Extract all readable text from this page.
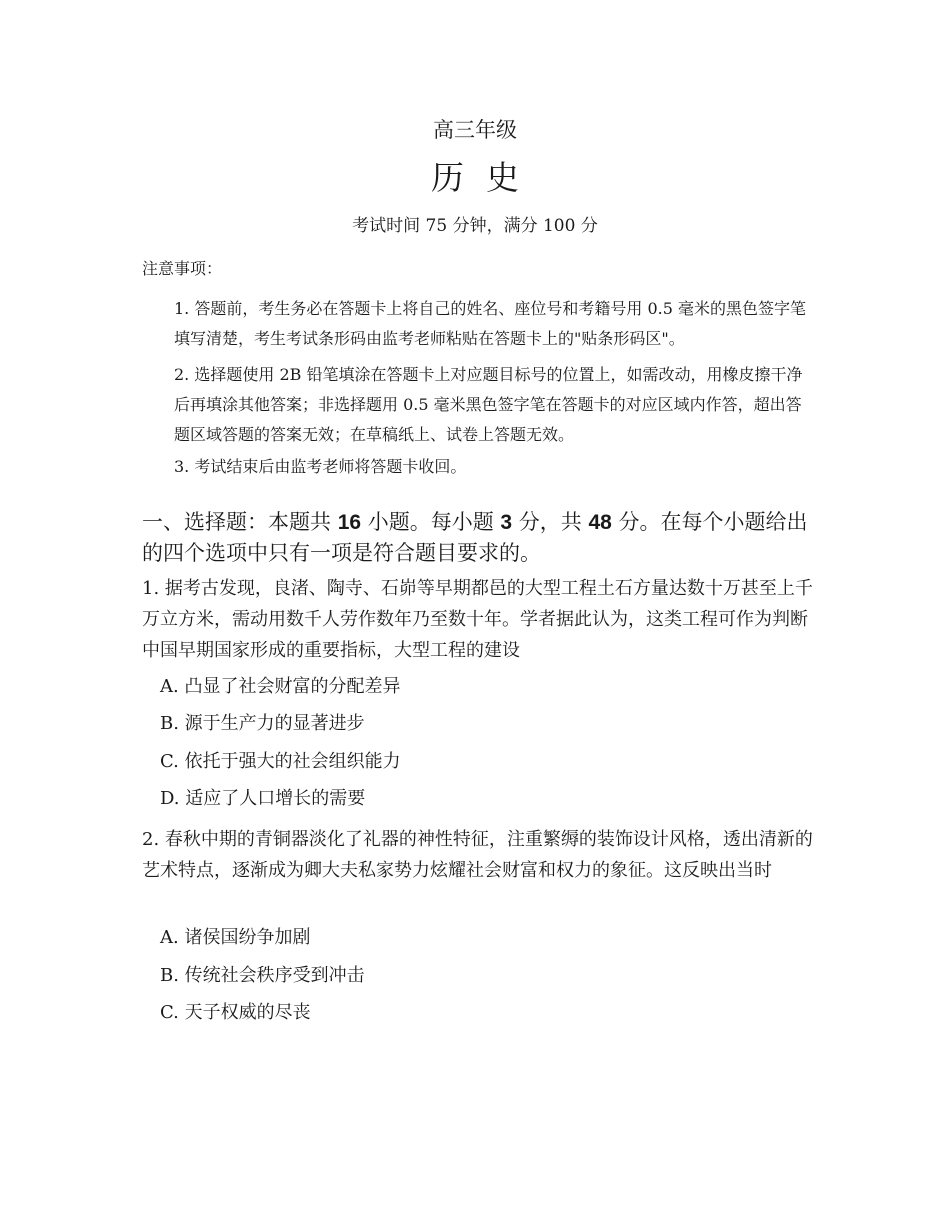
高三年级
历史
考试时间 75 分钟，满分 100 分
注意事项：
1. 答题前，考生务必在答题卡上将自己的姓名、座位号和考籍号用 0.5 毫米的黑色签字笔填写清楚，考生考试条形码由监考老师粘贴在答题卡上的"贴条形码区"。
2. 选择题使用 2B 铅笔填涂在答题卡上对应题目标号的位置上，如需改动，用橡皮擦干净后再填涂其他答案；非选择题用 0.5 毫米黑色签字笔在答题卡的对应区域内作答，超出答题区域答题的答案无效；在草稿纸上、试卷上答题无效。
3. 考试结束后由监考老师将答题卡收回。
一、选择题：本题共 16 小题。每小题 3 分，共 48 分。在每个小题给出的四个选项中只有一项是符合题目要求的。
1. 据考古发现，良渚、陶寺、石峁等早期都邑的大型工程土石方量达数十万甚至上千万立方米，需动用数千人劳作数年乃至数十年。学者据此认为，这类工程可作为判断中国早期国家形成的重要指标，大型工程的建设
A. 凸显了社会财富的分配差异
B. 源于生产力的显著进步
C. 依托于强大的社会组织能力
D. 适应了人口增长的需要
2. 春秋中期的青铜器淡化了礼器的神性特征，注重繁缛的装饰设计风格，透出清新的艺术特点，逐渐成为卿大夫私家势力炫耀社会财富和权力的象征。这反映出当时
A. 诸侯国纷争加剧
B. 传统社会秩序受到冲击
C. 天子权威的尽丧
